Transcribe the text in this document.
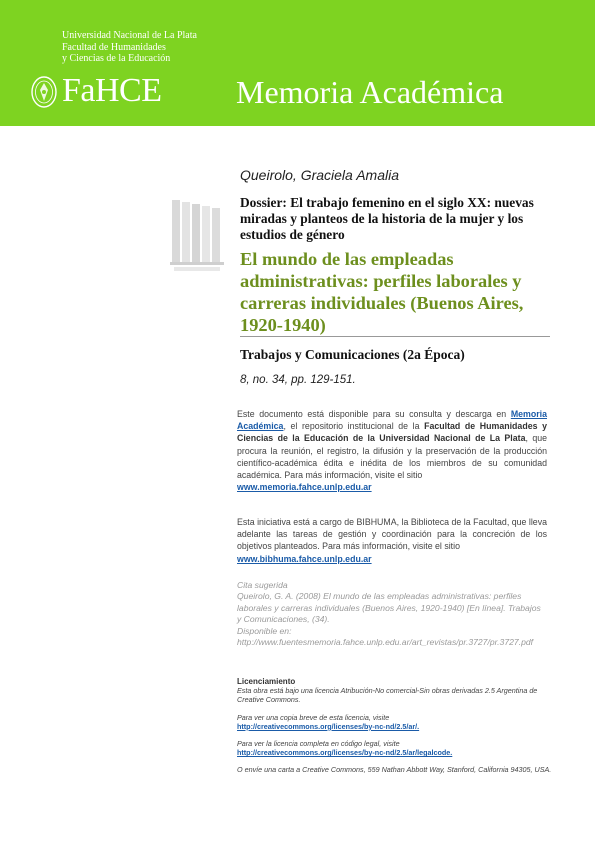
Universidad Nacional de La Plata
Facultad de Humanidades
y Ciencias de la Educación
FaHCE Memoria Académica
Queirolo, Graciela Amalia
Dossier: El trabajo femenino en el siglo XX: nuevas miradas y planteos de la historia de la mujer y los estudios de género
El mundo de las empleadas administrativas: perfiles laborales y carreras individuales (Buenos Aires, 1920-1940)
Trabajos y Comunicaciones (2a Época)
8, no. 34, pp. 129-151.
Este documento está disponible para su consulta y descarga en Memoria Académica, el repositorio institucional de la Facultad de Humanidades y Ciencias de la Educación de la Universidad Nacional de La Plata, que procura la reunión, el registro, la difusión y la preservación de la producción científico-académica édita e inédita de los miembros de su comunidad académica. Para más información, visite el sitio
www.memoria.fahce.unlp.edu.ar
Esta iniciativa está a cargo de BIBHUMA, la Biblioteca de la Facultad, que lleva adelante las tareas de gestión y coordinación para la concreción de los objetivos planteados. Para más información, visite el sitio
www.bibhuma.fahce.unlp.edu.ar
Cita sugerida
Queirolo, G. A. (2008) El mundo de las empleadas administrativas: perfiles laborales y carreras individuales (Buenos Aires, 1920-1940) [En línea]. Trabajos y Comunicaciones, (34).
Disponible en:
http://www.fuentesmemoria.fahce.unlp.edu.ar/art_revistas/pr.3727/pr.3727.pdf
Licenciamiento
Esta obra está bajo una licencia Atribución-No comercial-Sin obras derivadas 2.5 Argentina de Creative Commons.
Para ver una copia breve de esta licencia, visite
http://creativecommons.org/licenses/by-nc-nd/2.5/ar/.
Para ver la licencia completa en código legal, visite
http://creativecommons.org/licenses/by-nc-nd/2.5/ar/legalcode.
O envíe una carta a Creative Commons, 559 Nathan Abbott Way, Stanford, California 94305, USA.
